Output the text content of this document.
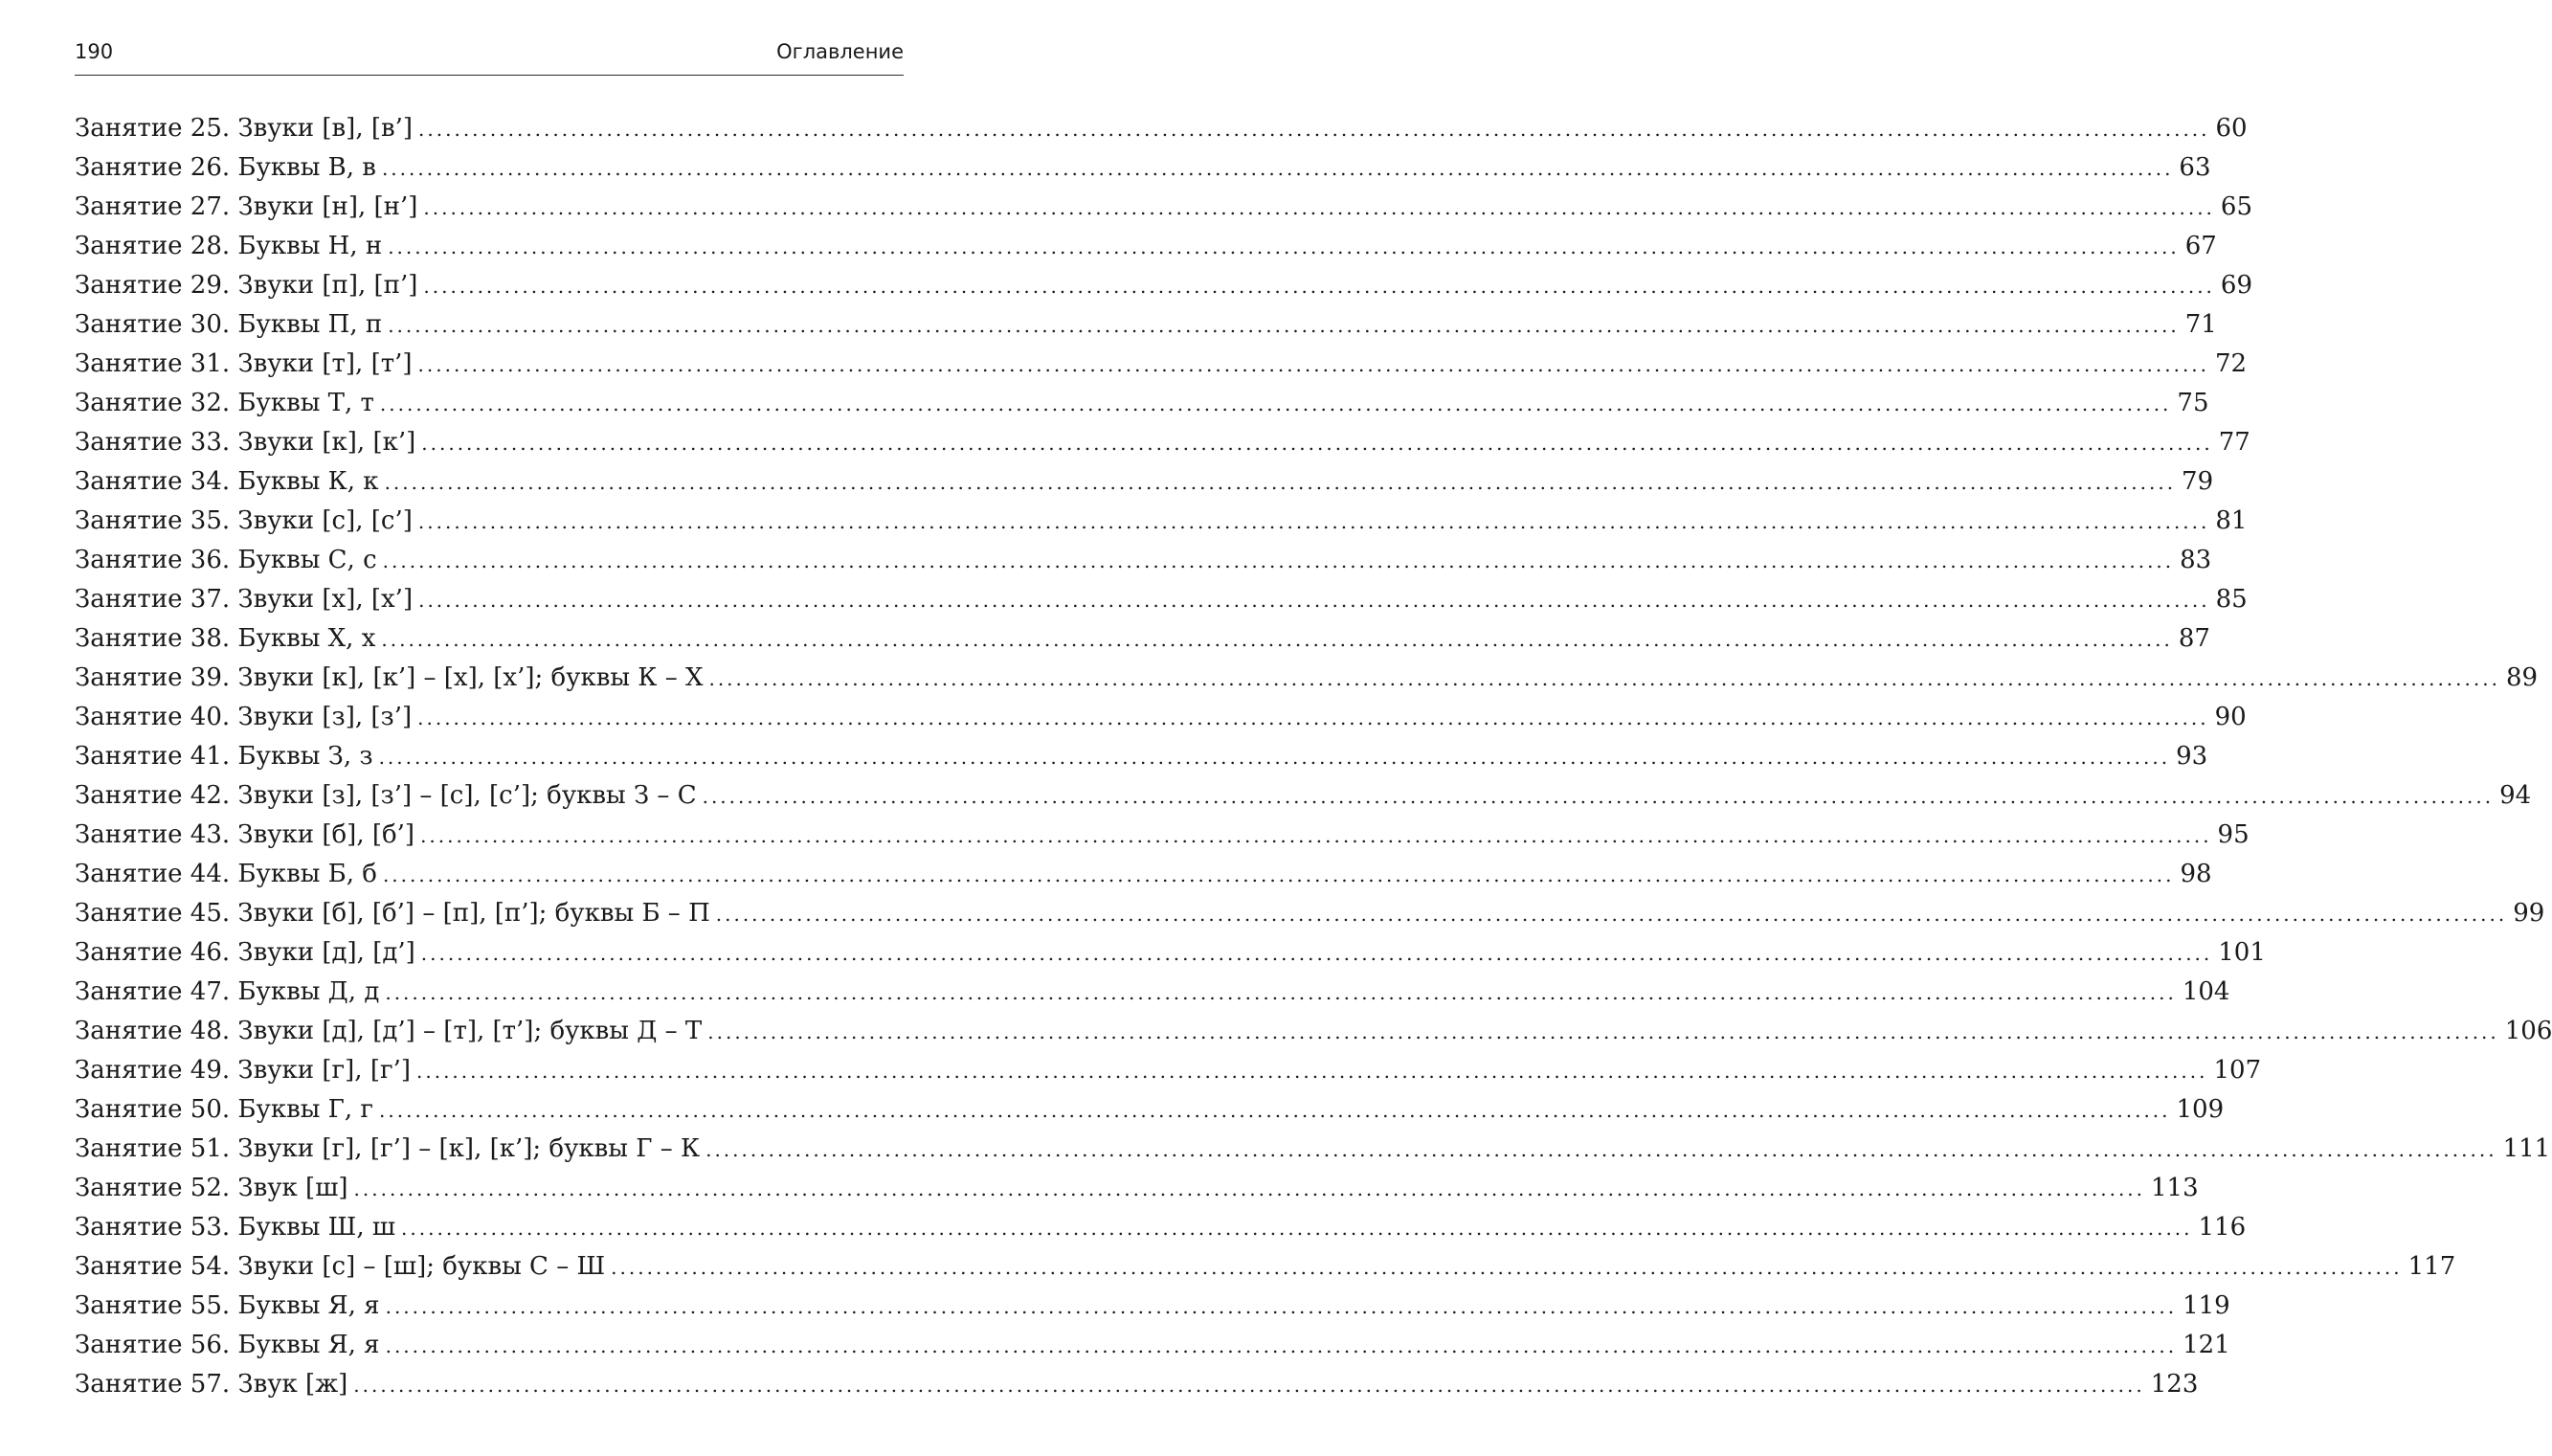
190	Оглавление
Занятие 25. Звуки [в], [в’] ........................................................................................................................................................................................................ 60
Занятие 26. Буквы В, в ........................................................................................................................................................................................................ 63
Занятие 27. Звуки [н], [н’] ........................................................................................................................................................................................................ 65
Занятие 28. Буквы Н, н ........................................................................................................................................................................................................ 67
Занятие 29. Звуки [п], [п’] ........................................................................................................................................................................................................ 69
Занятие 30. Буквы П, п ........................................................................................................................................................................................................ 71
Занятие 31. Звуки [т], [т’] ........................................................................................................................................................................................................ 72
Занятие 32. Буквы Т, т ........................................................................................................................................................................................................ 75
Занятие 33. Звуки [к], [к’] ........................................................................................................................................................................................................ 77
Занятие 34. Буквы К, к ........................................................................................................................................................................................................ 79
Занятие 35. Звуки [с], [с’] ........................................................................................................................................................................................................ 81
Занятие 36. Буквы С, с ........................................................................................................................................................................................................ 83
Занятие 37. Звуки [х], [х’] ........................................................................................................................................................................................................ 85
Занятие 38. Буквы Х, х ........................................................................................................................................................................................................ 87
Занятие 39. Звуки [к], [к’] – [х], [х’]; буквы К – Х ........................................................................................................................................................................................................ 89
Занятие 40. Звуки [з], [з’] ........................................................................................................................................................................................................ 90
Занятие 41. Буквы З, з ........................................................................................................................................................................................................ 93
Занятие 42. Звуки [з], [з’] – [с], [с’]; буквы З – С ........................................................................................................................................................................................................ 94
Занятие 43. Звуки [б], [б’] ........................................................................................................................................................................................................ 95
Занятие 44. Буквы Б, б ........................................................................................................................................................................................................ 98
Занятие 45. Звуки [б], [б’] – [п], [п’]; буквы Б – П ........................................................................................................................................................................................................ 99
Занятие 46. Звуки [д], [д’] ........................................................................................................................................................................................................ 101
Занятие 47. Буквы Д, д ........................................................................................................................................................................................................ 104
Занятие 48. Звуки [д], [д’] – [т], [т’]; буквы Д – Т ........................................................................................................................................................................................................ 106
Занятие 49. Звуки [г], [г’] ........................................................................................................................................................................................................ 107
Занятие 50. Буквы Г, г ........................................................................................................................................................................................................ 109
Занятие 51. Звуки [г], [г’] – [к], [к’]; буквы Г – К ........................................................................................................................................................................................................ 111
Занятие 52. Звук [ш] ........................................................................................................................................................................................................ 113
Занятие 53. Буквы Ш, ш ........................................................................................................................................................................................................ 116
Занятие 54. Звуки [с] – [ш]; буквы С – Ш ........................................................................................................................................................................................................ 117
Занятие 55. Буквы Я, я ........................................................................................................................................................................................................ 119
Занятие 56. Буквы Я, я ........................................................................................................................................................................................................ 121
Занятие 57. Звук [ж] ........................................................................................................................................................................................................ 123
